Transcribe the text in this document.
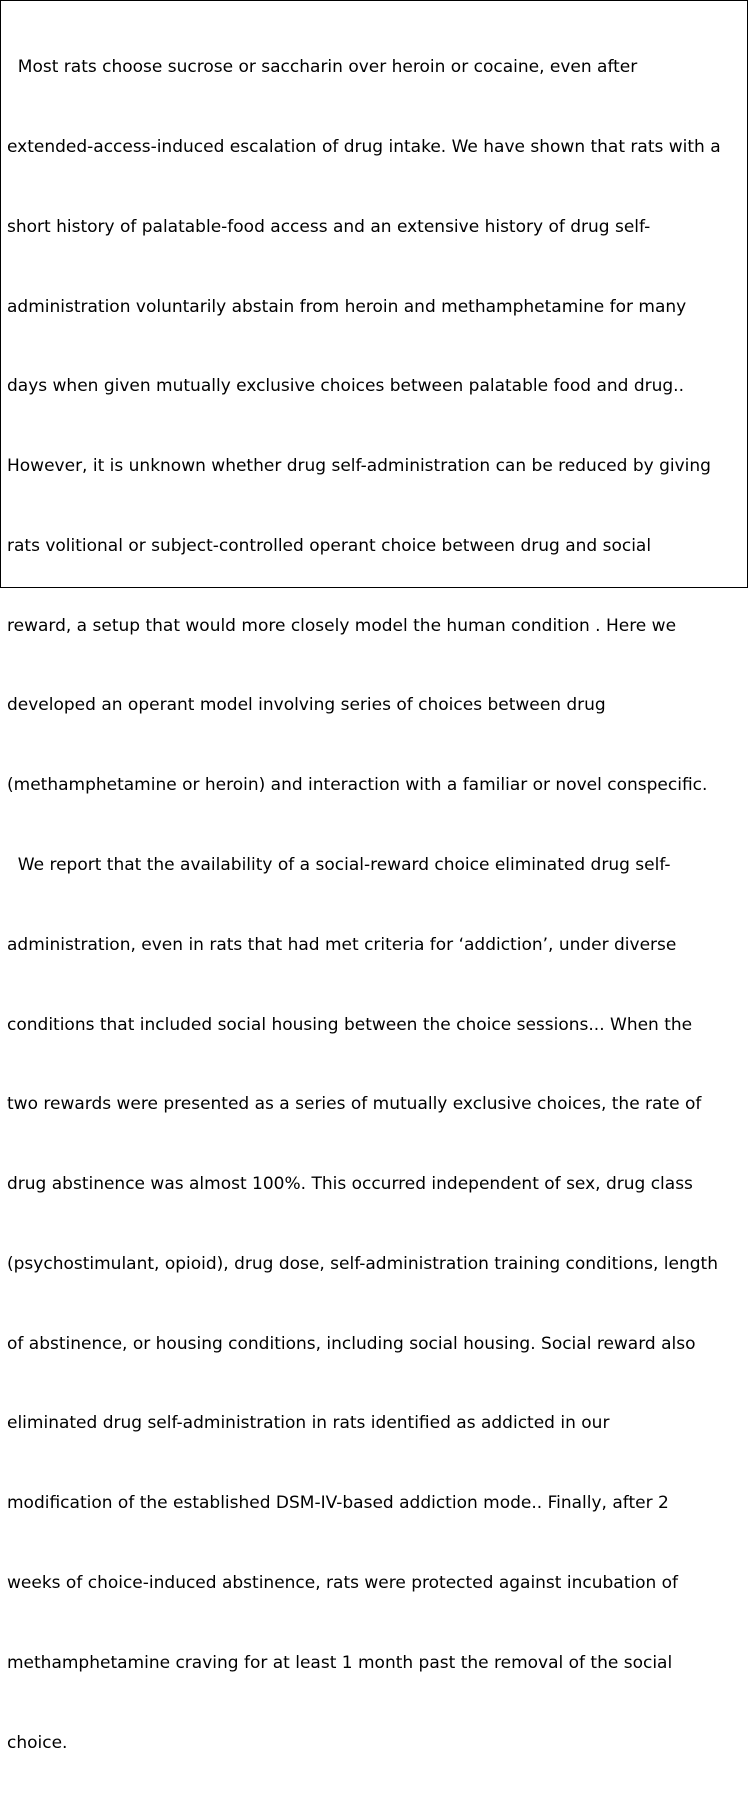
Most rats choose sucrose or saccharin over heroin or cocaine, even after

extended-access-induced escalation of drug intake. We have shown that rats with a

short history of palatable-food access and an extensive history of drug self-

administration voluntarily abstain from heroin and methamphetamine for many

days when given mutually exclusive choices between palatable food and drug..

However, it is unknown whether drug self-administration can be reduced by giving

rats volitional or subject-controlled operant choice between drug and social

reward, a setup that would more closely model the human condition . Here we

developed an operant model involving series of choices between drug

(methamphetamine or heroin) and interaction with a familiar or novel conspecific.

We report that the availability of a social-reward choice eliminated drug self-

administration, even in rats that had met criteria for ‘addiction’, under diverse

conditions that included social housing between the choice sessions... When the

two rewards were presented as a series of mutually exclusive choices, the rate of

drug abstinence was almost 100%. This occurred independent of sex, drug class

(psychostimulant, opioid), drug dose, self-administration training conditions, length

of abstinence, or housing conditions, including social housing. Social reward also

eliminated drug self-administration in rats identified as addicted in our

modification of the established DSM-IV-based addiction mode.. Finally, after 2

weeks of choice-induced abstinence, rats were protected against incubation of

methamphetamine craving for at least 1 month past the removal of the social

choice.
